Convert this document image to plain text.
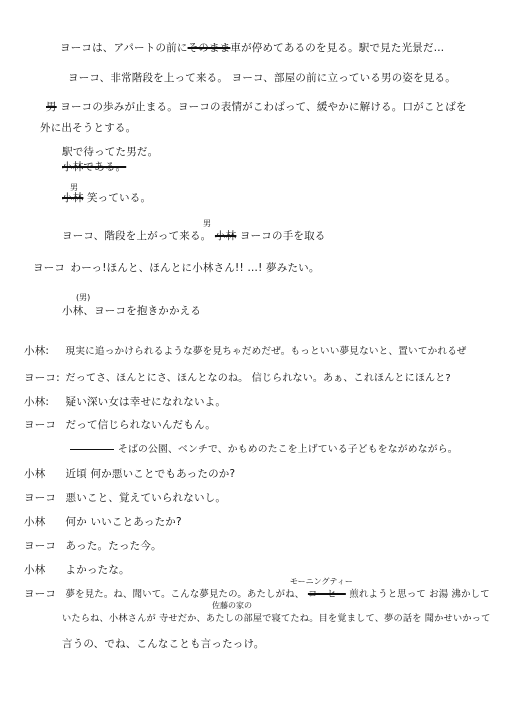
ヨーコは、アパートの前にそのまま車が停めてあるのを見る。駅で見た光景だ…
ヨーコ、非常階段を上って来る。 ヨーコ、部屋の前に立っている男の姿を見る。
男 ヨーコの歩みが止まる。ヨーコの表情がこわばって、緩やかに解ける。口がことばを
外に出そうとする。
駅で待ってた男だ。
小林である。
男
小林 笑っている。
男
ヨーコ、階段を上がって来る。 小林 ヨーコの手を取る
ヨーコ わーっ!ほんと、ほんとに小林さん!! …! 夢みたい。
(男)
小林、ヨーコを抱きかかえる
小林: 現実に追っかけられるような夢を見ちゃだめだぜ。もっといい夢見ないと、置いてかれるぜ
ヨーコ: だってさ、ほんとにさ、ほんとなのね。 信じられない。あぁ、これほんとにほんと?
小林: 疑い深い女は幸せになれないよ。
ヨーコ だって信じられないんだもん。
そばの公園、ベンチで、かもめのたこを上げている子どもをながめながら。
小林 近頃 何か悪いことでもあったのか?
ヨーコ 悪いこと、覚えていられないし。
小林 何か いいことあったか?
ヨーコ あった。たった今。
小林 よかったな。
モーニングティー
ヨーコ 夢を見た。ね、聞いて。こんな夢見たの。あたしがね、 コーヒー 煎れようと思って お湯 沸かして
佐藤の家の
いたらね、小林さんが 寺せだか、あたしの部屋で寝てたね。目を覚まして、夢の話を 聞かせいかって
言うの、でね、こんなことも言ったっけ。
